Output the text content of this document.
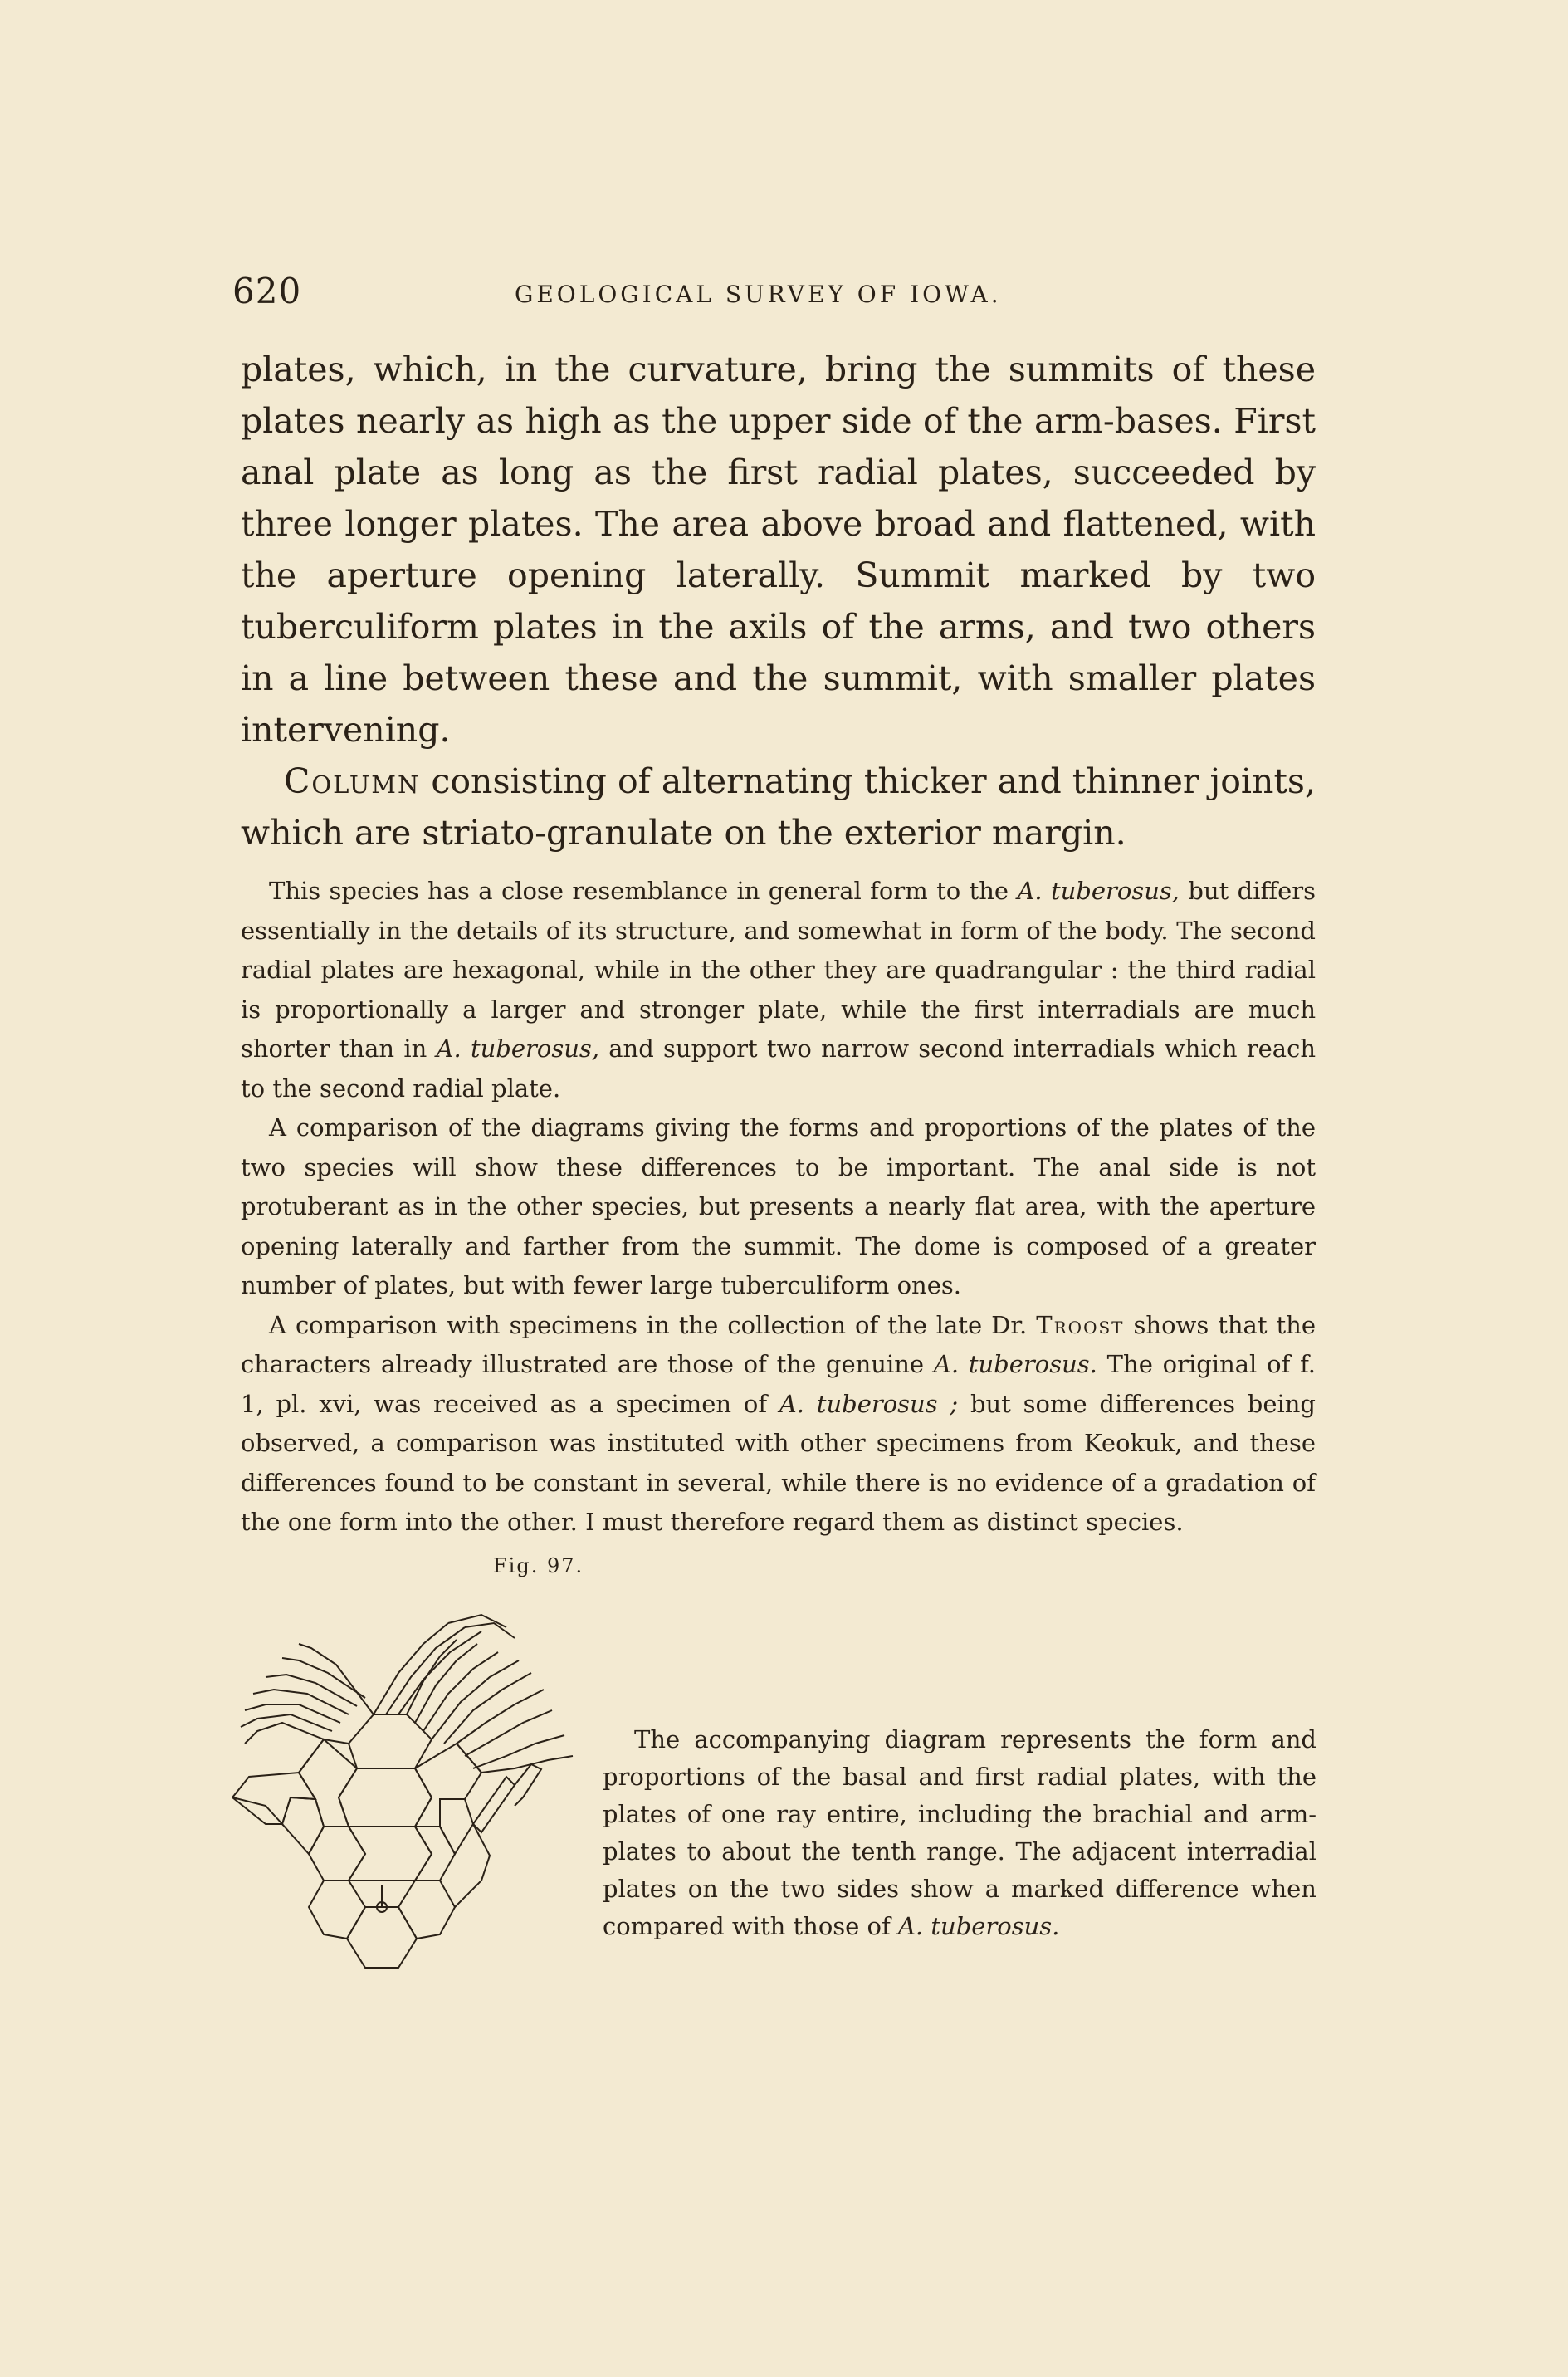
620	GEOLOGICAL SURVEY OF IOWA.

plates, which, in the curvature, bring the summits of these plates nearly as high as the upper side of the arm-bases. First anal plate as long as the first radial plates, succeeded by three longer plates. The area above broad and flattened, with the aperture opening laterally. Summit marked by two tuberculiform plates in the axils of the arms, and two others in a line between these and the summit, with smaller plates intervening.

Column consisting of alternating thicker and thinner joints, which are striato-granulate on the exterior margin.

This species has a close resemblance in general form to the A. tuberosus, but differs essentially in the details of its structure, and somewhat in form of the body. The second radial plates are hexagonal, while in the other they are quadrangular : the third radial is proportionally a larger and stronger plate, while the first interradials are much shorter than in A. tuberosus, and support two narrow second interradials which reach to the second radial plate.

A comparison of the diagrams giving the forms and proportions of the plates of the two species will show these differences to be important. The anal side is not protuberant as in the other species, but presents a nearly flat area, with the aperture opening laterally and farther from the summit. The dome is composed of a greater number of plates, but with fewer large tuberculiform ones.

A comparison with specimens in the collection of the late Dr. Troost shows that the characters already illustrated are those of the genuine A. tuberosus. The original of f. 1, pl. xvi, was received as a specimen of A. tuberosus ; but some differences being observed, a comparison was instituted with other specimens from Keokuk, and these differences found to be constant in several, while there is no evidence of a gradation of the one form into the other. I must therefore regard them as distinct species.

Fig. 97.

The accompanying diagram represents the form and proportions of the basal and first radial plates, with the plates of one ray entire, including the brachial and arm-plates to about the tenth range. The adjacent interradial plates on the two sides show a marked difference when compared with those of A. tuberosus.
